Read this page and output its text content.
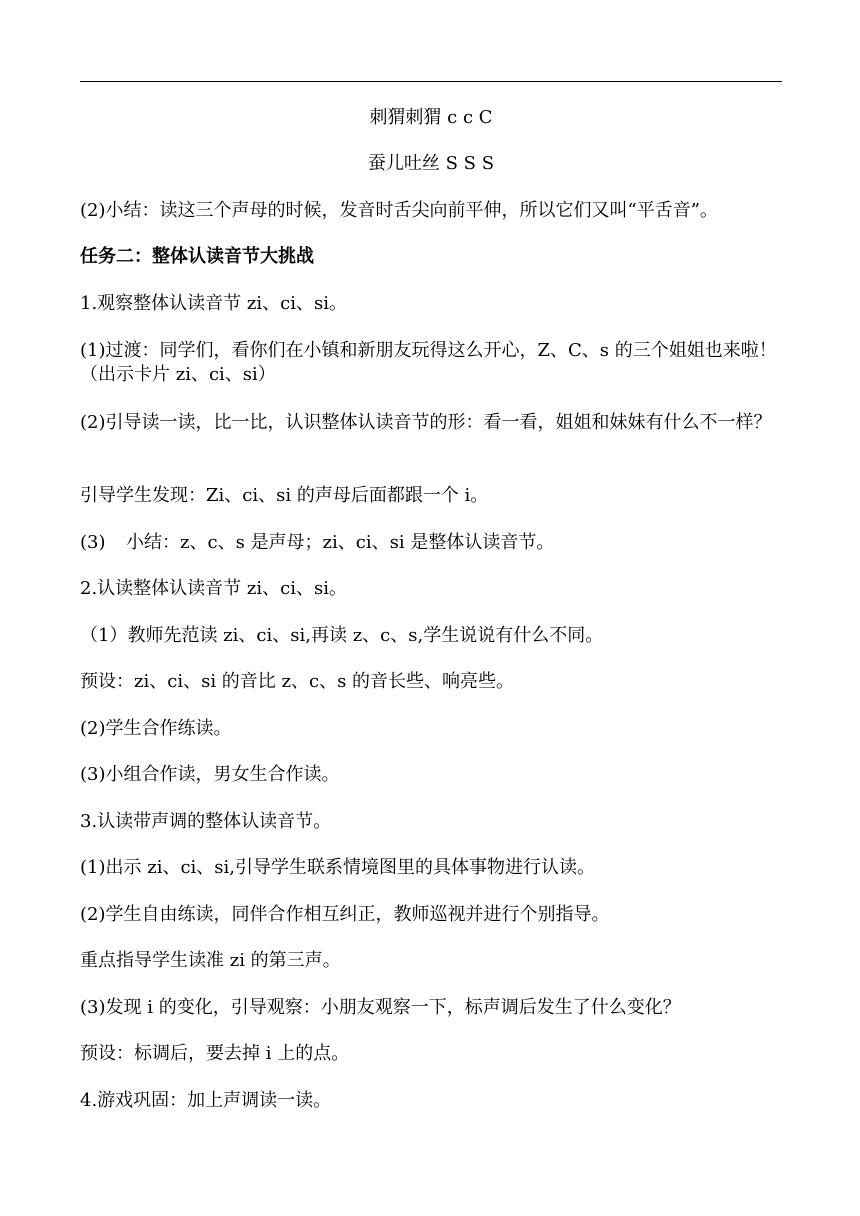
刺猬刺猬 c c C
蚕儿吐丝 S S S
(2)小结：读这三个声母的时候，发音时舌尖向前平伸，所以它们又叫“平舌音”。
任务二：整体认读音节大挑战
1.观察整体认读音节 zi、ci、si。
(1)过渡：同学们，看你们在小镇和新朋友玩得这么开心，Z、C、s 的三个姐姐也来啦！（出示卡片 zi、ci、si）
(2)引导读一读，比一比，认识整体认读音节的形：看一看，姐姐和妹妹有什么不一样？
引导学生发现：Zi、ci、si 的声母后面都跟一个 i。
(3) 小结：z、c、s 是声母；zi、ci、si 是整体认读音节。
2.认读整体认读音节 zi、ci、si。
（1）教师先范读 zi、ci、si,再读 z、c、s,学生说说有什么不同。
预设：zi、ci、si 的音比 z、c、s 的音长些、响亮些。
(2)学生合作练读。
(3)小组合作读，男女生合作读。
3.认读带声调的整体认读音节。
(1)出示 zi、ci、si,引导学生联系情境图里的具体事物进行认读。
(2)学生自由练读，同伴合作相互纠正，教师巡视并进行个别指导。
重点指导学生读准 zi 的第三声。
(3)发现 i 的变化，引导观察：小朋友观察一下，标声调后发生了什么变化？
预设：标调后，要去掉 i 上的点。
4.游戏巩固：加上声调读一读。
